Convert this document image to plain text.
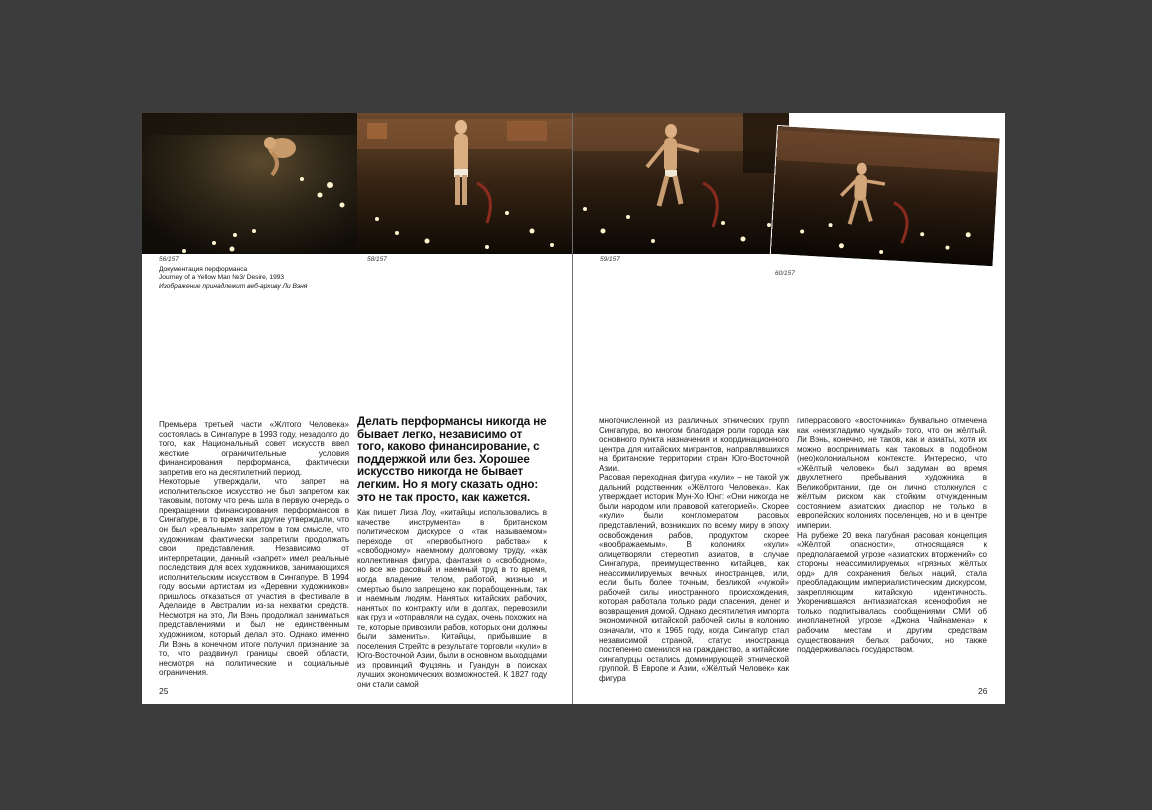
56/157	58/157	59/157
60/157
Документация перформанса
Journey of a Yellow Man №3/ Desire, 1993
Изображение принадлежит веб-архиву Ли Вэня

Премьера третьей части «Жлтого Человека» состоялась в Сингапуре в 1993 году, незадолго до того, как Национальный совет искусств ввел жесткие ограничительные условия финансирования перформанса, фактически запретив его на десятилетний период.

Некоторые утверждали, что запрет на исполнительское искусство не был запретом как таковым, потому что речь шла в первую очередь о прекращении финансирования перформансов в Сингапуре, в то время как другие утверждали, что он был «реальным» запретом в том смысле, что художникам фактически запретили продолжать свои представления. Независимо от интерпретации, данный «запрет» имел реальные последствия для всех художников, занимающихся исполнительским искусством в Сингапуре. В 1994 году восьми артистам из «Деревни художников» пришлось отказаться от участия в фестивале в Аделаиде в Австралии из-за нехватки средств. Несмотря на это, Ли Вэнь продолжал заниматься представлениями и был не единственным художником, который делал это. Однако именно Ли Вэнь в конечном итоге получил признание за то, что раздвинул границы своей области, несмотря на политические и социальные ограничения.

Делать перформансы никогда не бывает легко, независимо от того, каково финансирование, с поддержкой или без. Хорошее искусство никогда не бывает легким. Но я могу сказать одно: это не так просто, как кажется.

Как пишет Лиза Лоу, «китайцы использовались в качестве инструмента» в британском политическом дискурсе о «так называемом» переходе от «первобытного рабства» к «свободному» наемному долговому труду, «как коллективная фигура, фантазия о «свободном», но все же расовый и наемный труд в то время, когда владение телом, работой, жизнью и смертью было запрещено как порабощенным, так и наемным людям. Нанятых китайских рабочих, нанятых по контракту или в долгах, перевозили как груз и «отправляли на судах, очень похожих на те, которые привозили рабов, которых они должны были заменить». Китайцы, прибывшие в поселения Стрейтс в результате торговли «кули» в Юго-Восточной Азии, были в основном выходцами из провинций Фуцзянь и Гуандун в поисках лучших экономических возможностей. К 1827 году они стали самой

многочисленной из различных этнических групп Сингапура, во многом благодаря роли города как основного пункта назначения и координационного центра для китайских мигрантов, направлявшихся на британские территории стран Юго-Восточной Азии.

Расовая переходная фигура «кули» – не такой уж дальний родственник «Жёлтого Человека». Как утверждает историк Мун-Хо Юнг: «Они никогда не были народом или правовой категорией». Скорее «кули» были конгломератом расовых представлений, возникших по всему миру в эпоху освобождения рабов, продуктом скорее «воображаемым». В колониях «кули» олицетворяли стереотип азиатов, в случае Сингапура, преимущественно китайцев, как неассимилируемых вечных иностранцев, или, если быть более точным, безликой «чужой» рабочей силы иностранного происхождения, которая работала только ради спасения, денег и возвращения домой. Однако десятилетия импорта экономичной китайской рабочей силы в колонию означали, что к 1965 году, когда Сингапур стал независимой страной, статус иностранца постепенно сменился на гражданство, а китайские сингапурцы остались доминирующей этнической группой. В Европе и Азии, «Жёлтый Человек» как фигура

гиперрасового «восточника» буквально отмечена как «неизгладимо чуждый» того, что он жёлтый. Ли Вэнь, конечно, не таков, как и азиаты, хотя их можно воспринимать как таковых в подобном (нео)колониальном контексте. Интересно, что «Жёлтый человек» был задуман во время двухлетнего пребывания художника в Великобритании, где он лично столкнулся с жёлтым риском как стойким отчужденным состоянием азиатских диаспор не только в европейских колониях поселенцев, но и в центре империи.

На рубеже 20 века пагубная расовая концепция «Жёлтой опасности», относящаяся к предполагаемой угрозе «азиатских вторжений» со стороны неассимилируемых «грязных жёлтых орд» для сохранения белых наций, стала преобладающим империалистическим дискурсом, закрепляющим китайскую идентичность. Укоренившаяся антиазиатская ксенофобия не только подпитывалась сообщениями СМИ об инопланетной угрозе «Джона Чайнамена» к рабочим местам и другим средствам существования белых рабочих, но также поддерживалась государством.

25	26
